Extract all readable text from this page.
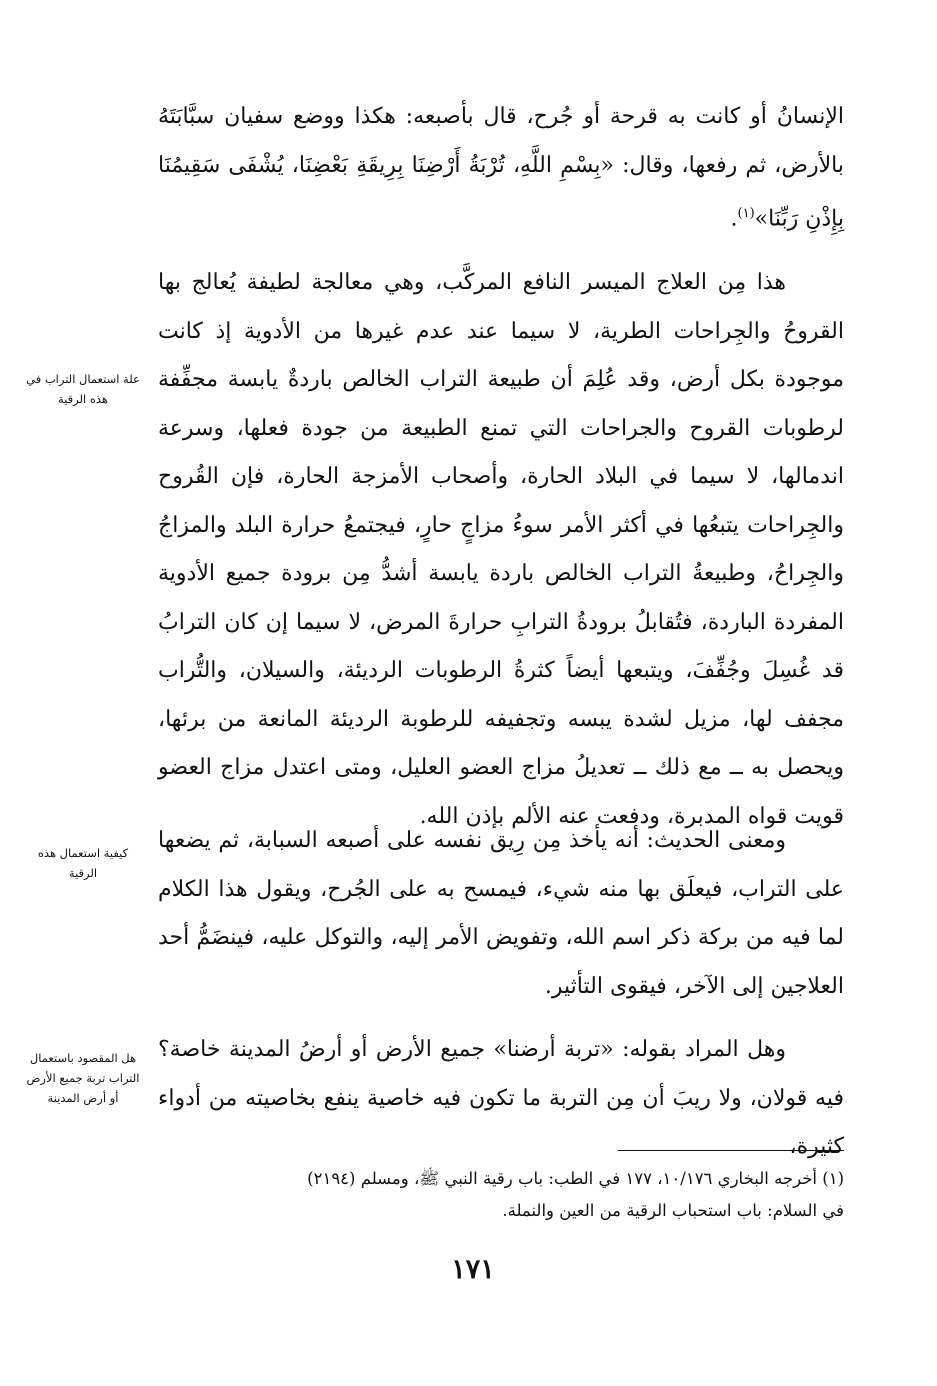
الإنسانُ أو كانت به قرحة أو جُرح، قال بأصبعه: هكذا ووضع سفيان سبَّابَتَهُ بالأرض، ثم رفعها، وقال: «بِسْمِ اللَّهِ، تُرْبَةُ أَرْضِنَا بِرِيقَةِ بَعْضِنَا، يُشْفَى سَقِيمُنَا بِإِذْنِ رَبِّنَا»$^{(١)}$.

هذا مِن العلاج الميسر النافع المركَّب، وهي معالجة لطيفة يُعالج بها القروحُ والجِراحات الطرية، لا سيما عند عدم غيرها من الأدوية إذ كانت موجودة بكل أرض، وقد عُلِمَ أن طبيعة التراب الخالص باردةٌ يابسة مجفِّفة لرطوبات القروح والجراحات التي تمنع الطبيعة من جودة فعلها، وسرعة اندمالها، لا سيما في البلاد الحارة، وأصحاب الأمزجة الحارة، فإن القُروح والجِراحات يتبعُها في أكثر الأمر سوءُ مزاجٍ حارٍ، فيجتمعُ حرارة البلد والمزاجُ والجِراحُ، وطبيعةُ التراب الخالص باردة يابسة أشدُّ مِن برودة جميع الأدوية المفردة الباردة، فتُقابلُ برودةُ الترابِ حرارةَ المرض، لا سيما إن كان الترابُ قد غُسِلَ وجُفِّفَ، ويتبعها أيضاً كثرةُ الرطوبات الرديئة، والسيلان، والتُّراب مجفف لها، مزيل لشدة يبسه وتجفيفه للرطوبة الرديئة المانعة من برئها، ويحصل به ــ مع ذلك ــ تعديلُ مزاج العضو العليل، ومتى اعتدل مزاج العضو قويت قواه المدبرة، ودفعت عنه الألم بإذن الله.

ومعنى الحديث: أنه يأخذ مِن رِيق نفسه على أصبعه السبابة، ثم يضعها على التراب، فيعلَق بها منه شيء، فيمسح به على الجُرح، ويقول هذا الكلام لما فيه من بركة ذكر اسم الله، وتفويض الأمر إليه، والتوكل عليه، فينضَمُّ أحد العلاجين إلى الآخر، فيقوى التأثير.

وهل المراد بقوله: «تربة أرضنا» جميع الأرض أو أرضُ المدينة خاصة؟ فيه قولان، ولا ريبَ أن مِن التربة ما تكون فيه خاصية ينفع بخاصيته من أدواء كثيرة،

علة استعمال التراب في هذه الرقية
كيفية استعمال هذه الرقية
هل المقصود باستعمال التراب تربة جميع الأرض أو أرض المدينة

(١) أخرجه البخاري ١٠/١٧٦، ١٧٧ في الطب: باب رقية النبي ﷺ، ومسلم (٢١٩٤)

في السلام: باب استحباب الرقية من العين والنملة.

١٧١
